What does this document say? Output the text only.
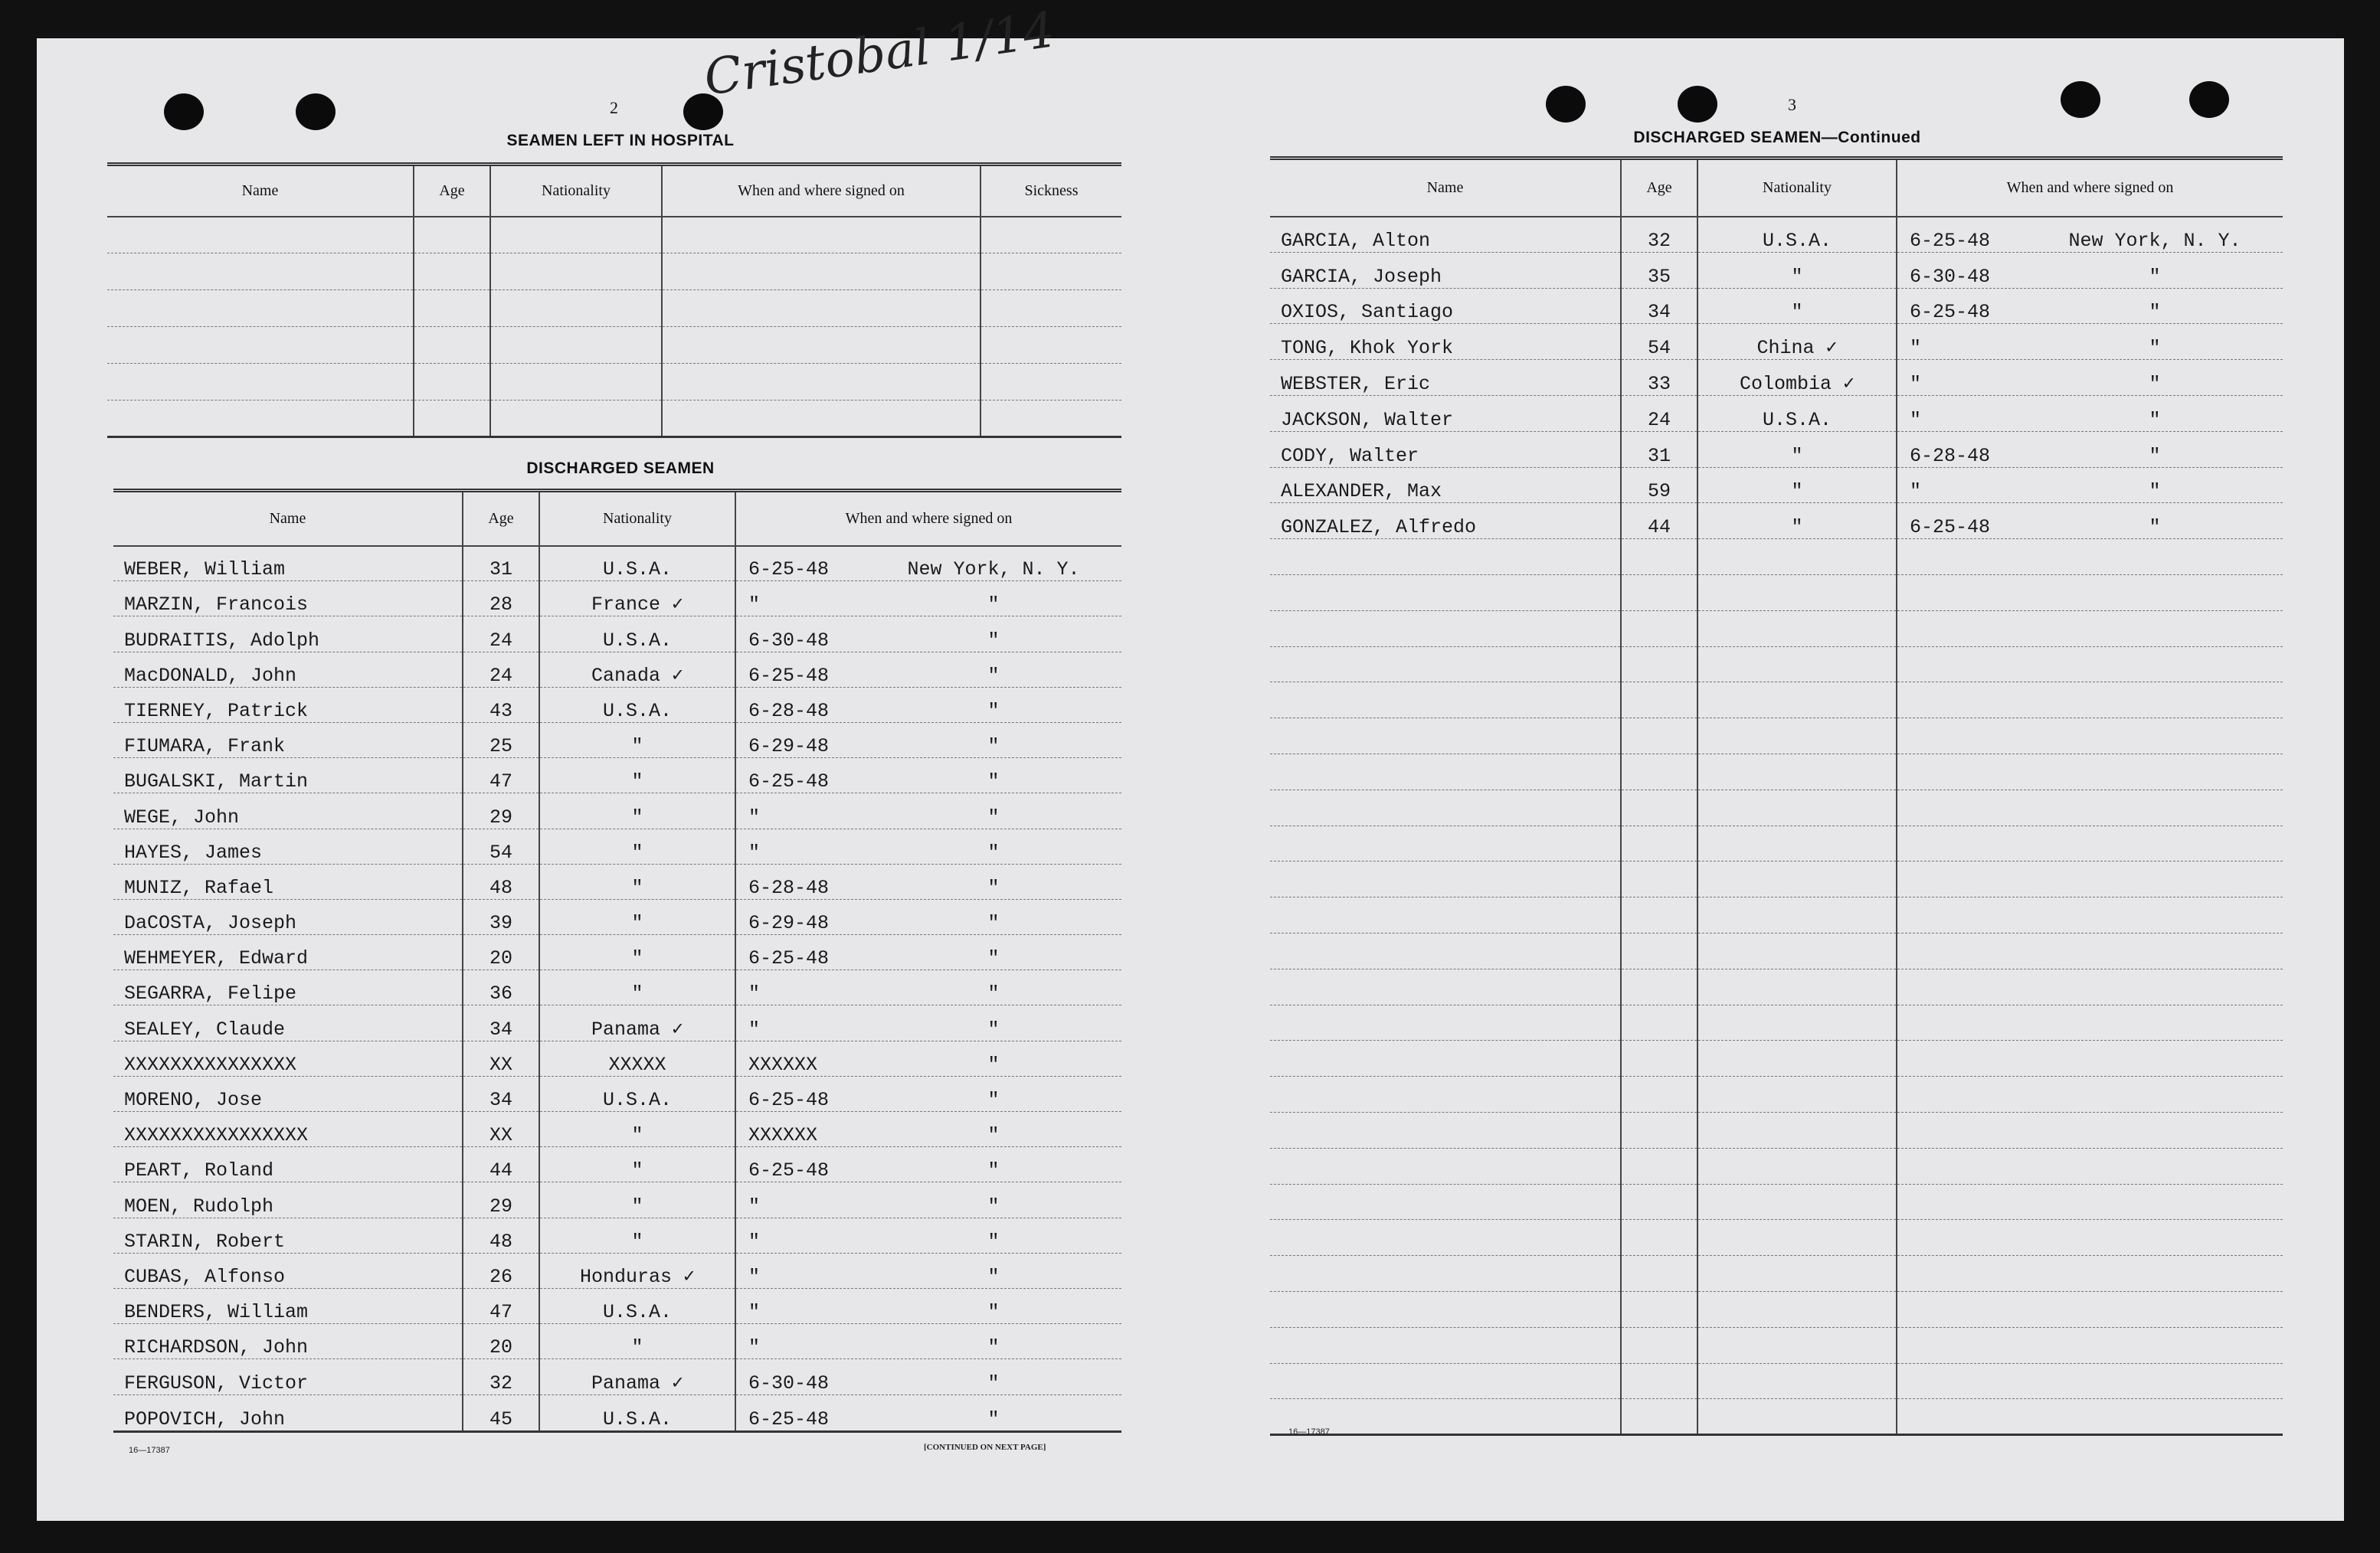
2
Cristobal 1/14
SEAMEN LEFT IN HOSPITAL
Name	Age	Nationality	When and where signed on	Sickness

DISCHARGED SEAMEN
Name	Age	Nationality	When and where signed on
WEBER, William	31	U.S.A.	6-25-48 New York, N. Y.
MARZIN, Francois	28	France ✓	" "
BUDRAITIS, Adolph	24	U.S.A.	6-30-48 "
MacDONALD, John	24	Canada ✓	6-25-48 "
TIERNEY, Patrick	43	U.S.A.	6-28-48 "
FIUMARA, Frank	25	"	6-29-48 "
BUGALSKI, Martin	47	"	6-25-48 "
WEGE, John	29	"	" "
HAYES, James	54	"	" "
MUNIZ, Rafael	48	"	6-28-48 "
DaCOSTA, Joseph	39	"	6-29-48 "
WEHMEYER, Edward	20	"	6-25-48 "
SEGARRA, Felipe	36	"	" "
SEALEY, Claude	34	Panama ✓	" "
XXXXXXXXXXXXXXX	XX	XXXXX	XXXXXX "
MORENO, Jose	34	U.S.A.	6-25-48 "
XXXXXXXXXXXXXXXX	XX	"	XXXXXX "
PEART, Roland	44	"	6-25-48 "
MOEN, Rudolph	29	"	" "
STARIN, Robert	48	"	" "
CUBAS, Alfonso	26	Honduras ✓	" "
BENDERS, William	47	U.S.A.	" "
RICHARDSON, John	20	"	" "
FERGUSON, Victor	32	Panama ✓	6-30-48 "
POPOVICH, John	45	U.S.A.	6-25-48 "
16—17387	[CONTINUED ON NEXT PAGE]
3
DISCHARGED SEAMEN—Continued
Name	Age	Nationality	When and where signed on
GARCIA, Alton	32	U.S.A.	6-25-48 New York, N. Y.
GARCIA, Joseph	35	"	6-30-48 "
OXIOS, Santiago	34	"	6-25-48 "
TONG, Khok York	54	China ✓	" "
WEBSTER, Eric	33	Colombia ✓	" "
JACKSON, Walter	24	U.S.A.	" "
CODY, Walter	31	"	6-28-48 "
ALEXANDER, Max	59	"	" "
GONZALEZ, Alfredo	44	"	6-25-48 "

16—17387
